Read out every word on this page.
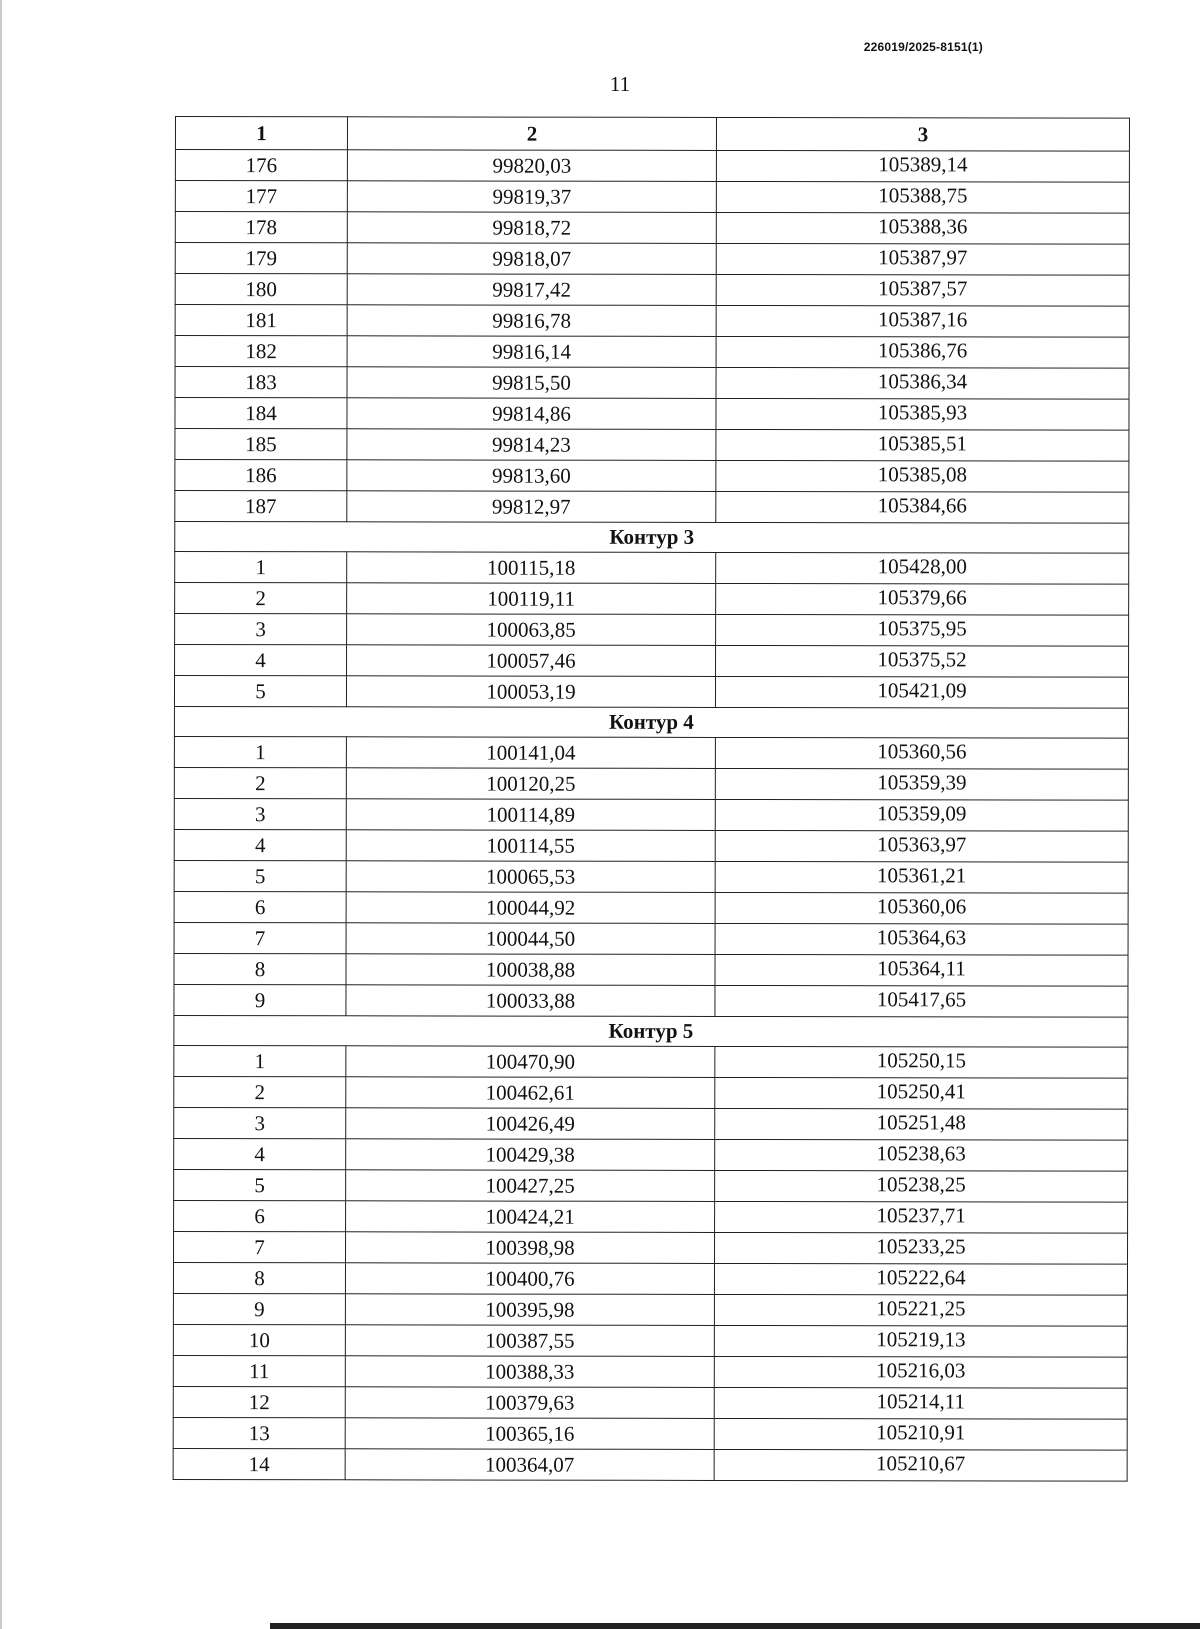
226019/2025-8151(1)
11
1	2	3
176	99820,03	105389,14
177	99819,37	105388,75
178	99818,72	105388,36
179	99818,07	105387,97
180	99817,42	105387,57
181	99816,78	105387,16
182	99816,14	105386,76
183	99815,50	105386,34
184	99814,86	105385,93
185	99814,23	105385,51
186	99813,60	105385,08
187	99812,97	105384,66
Контур 3		
1	100115,18	105428,00
2	100119,11	105379,66
3	100063,85	105375,95
4	100057,46	105375,52
5	100053,19	105421,09
Контур 4		
1	100141,04	105360,56
2	100120,25	105359,39
3	100114,89	105359,09
4	100114,55	105363,97
5	100065,53	105361,21
6	100044,92	105360,06
7	100044,50	105364,63
8	100038,88	105364,11
9	100033,88	105417,65
Контур 5		
1	100470,90	105250,15
2	100462,61	105250,41
3	100426,49	105251,48
4	100429,38	105238,63
5	100427,25	105238,25
6	100424,21	105237,71
7	100398,98	105233,25
8	100400,76	105222,64
9	100395,98	105221,25
10	100387,55	105219,13
11	100388,33	105216,03
12	100379,63	105214,11
13	100365,16	105210,91
14	100364,07	105210,67
